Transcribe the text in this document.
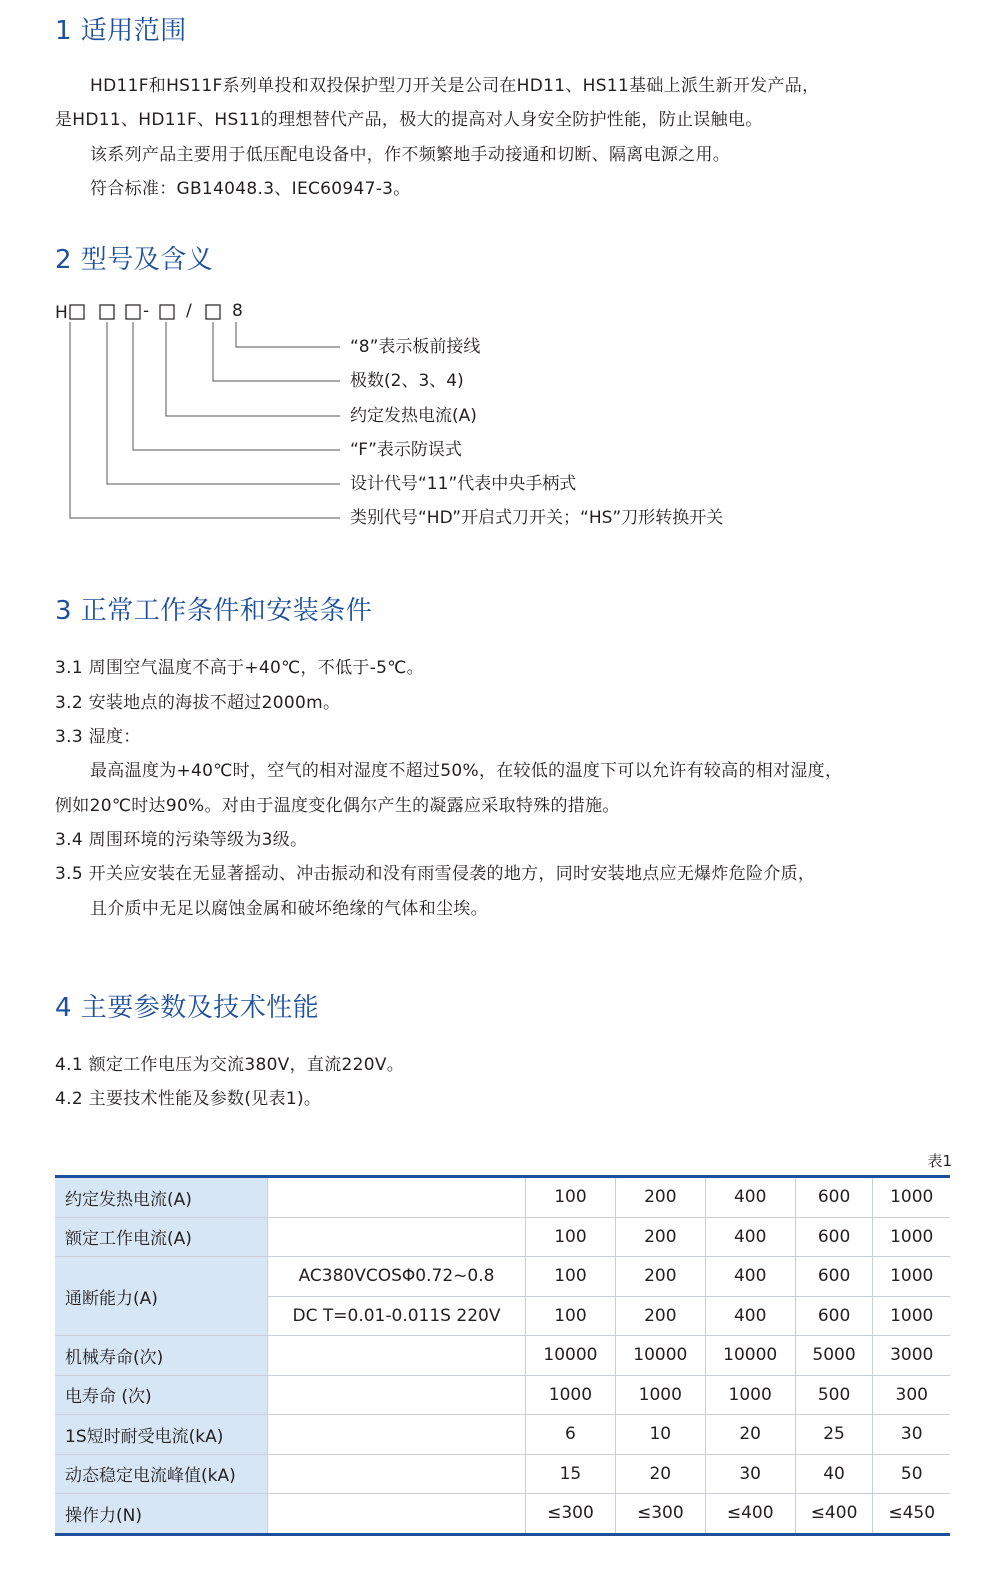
1 适用范围

HD11F和HS11F系列单投和双投保护型刀开关是公司在HD11、HS11基础上派生新开发产品，

是HD11、HD11F、HS11的理想替代产品，极大的提高对人身安全防护性能，防止误触电。

该系列产品主要用于低压配电设备中，作不频繁地手动接通和切断、隔离电源之用。

符合标准：GB14048.3、IEC60947-3。

2 型号及含义
H	- / 8
“8”表示板前接线
极数(2、3、4)
约定发热电流(A)
“F”表示防误式
设计代号“11”代表中央手柄式
类别代号“HD”开启式刀开关；“HS”刀形转换开关
3 正常工作条件和安装条件

3.1 周围空气温度不高于+40℃，不低于-5℃。

3.2 安装地点的海拔不超过2000m。

3.3 湿度：

最高温度为+40℃时，空气的相对湿度不超过50%，在较低的温度下可以允许有较高的相对湿度，

例如20℃时达90%。对由于温度变化偶尔产生的凝露应采取特殊的措施。

3.4 周围环境的污染等级为3级。

3.5 开关应安装在无显著摇动、冲击振动和没有雨雪侵袭的地方，同时安装地点应无爆炸危险介质，

且介质中无足以腐蚀金属和破坏绝缘的气体和尘埃。

4 主要参数及技术性能

4.1 额定工作电压为交流380V，直流220V。

4.2 主要技术性能及参数(见表1)。

表1
约定发热电流(A)		100	200	400	600	1000
额定工作电流(A)		100	200	400	600	1000
通断能力(A)	AC380VCOSΦ0.72~0.8	100	200	400	600	1000
	DC T=0.01-0.011S 220V	100	200	400	600	1000
机械寿命(次)		10000	10000	10000	5000	3000
电寿命 (次)		1000	1000	1000	500	300
1S短时耐受电流(kA)		6	10	20	25	30
动态稳定电流峰值(kA)		15	20	30	40	50
操作力(N)		≤300	≤300	≤400	≤400	≤450
